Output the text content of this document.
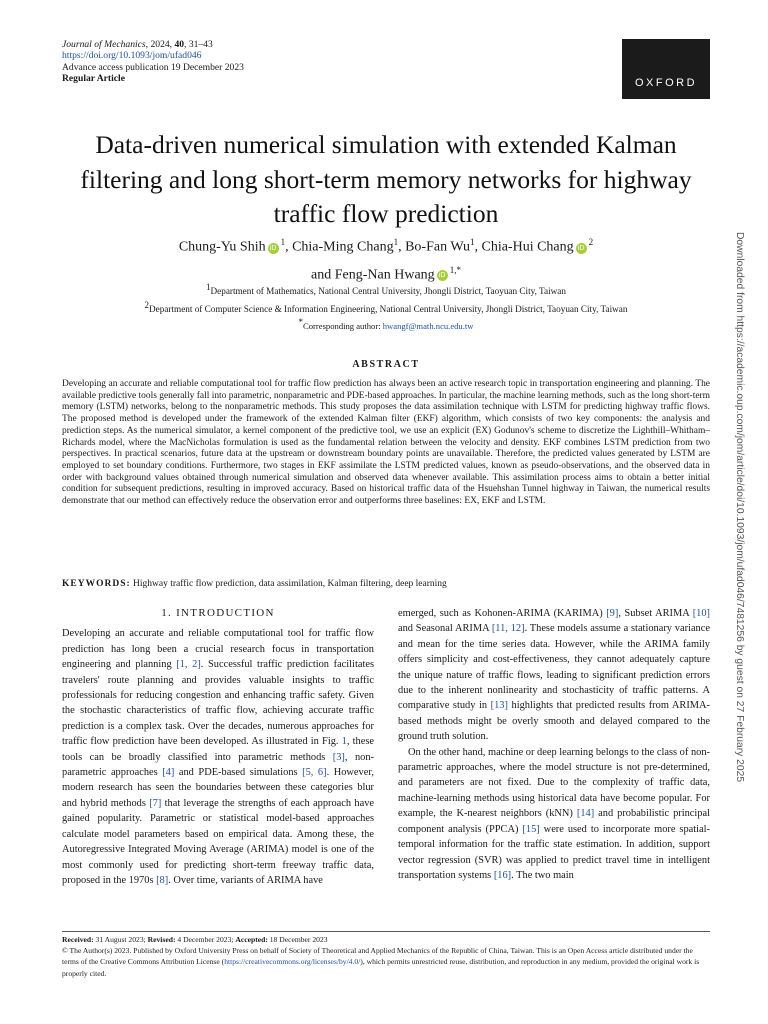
Journal of Mechanics, 2024, 40, 31–43
https://doi.org/10.1093/jom/ufad046
Advance access publication 19 December 2023
Regular Article	OXFORD
Data-driven numerical simulation with extended Kalman filtering and long short-term memory networks for highway traffic flow prediction
Chung-Yu Shih $iD^1$, Chia-Ming Chang$^1$, Bo-Fan Wu$^1$, Chia-Hui Chang $iD^2$
and Feng-Nan Hwang $iD^{1,*}$
$^1$Department of Mathematics, National Central University, Jhongli District, Taoyuan City, Taiwan
$^2$Department of Computer Science & Information Engineering, National Central University, Jhongli District, Taoyuan City, Taiwan
*Corresponding author: hwangf@math.ncu.edu.tw
ABSTRACT
Developing an accurate and reliable computational tool for traffic flow prediction has always been an active research topic in transportation engineering and planning. The available predictive tools generally fall into parametric, nonparametric and PDE-based approaches. In particular, the machine learning methods, such as the long short-term memory (LSTM) networks, belong to the nonparametric methods. This study proposes the data assimilation technique with LSTM for predicting highway traffic flows. The proposed method is developed under the framework of the extended Kalman filter (EKF) algorithm, which consists of two key components: the analysis and prediction steps. As the numerical simulator, a kernel component of the predictive tool, we use an explicit (EX) Godunov's scheme to discretize the Lighthill–Whitham–Richards model, where the MacNicholas formulation is used as the fundamental relation between the velocity and density. EKF combines LSTM prediction from two perspectives. In practical scenarios, future data at the upstream or downstream boundary points are unavailable. Therefore, the predicted values generated by LSTM are employed to set boundary conditions. Furthermore, two stages in EKF assimilate the LSTM predicted values, known as pseudo-observations, and the observed data in order with background values obtained through numerical simulation and observed data whenever available. This assimilation process aims to obtain a better initial condition for subsequent predictions, resulting in improved accuracy. Based on historical traffic data of the Hsuehshan Tunnel highway in Taiwan, the numerical results demonstrate that our method can effectively reduce the observation error and outperforms three baselines: EX, EKF and LSTM.
KEYWORDS: Highway traffic flow prediction, data assimilation, Kalman filtering, deep learning
1. INTRODUCTION

Developing an accurate and reliable computational tool for traffic flow prediction has long been a crucial research focus in transportation engineering and planning [1, 2]. Successful traffic prediction facilitates travelers' route planning and provides valuable insights to traffic professionals for reducing congestion and enhancing traffic safety. Given the stochastic characteristics of traffic flow, achieving accurate traffic prediction is a complex task. Over the decades, numerous approaches for traffic flow prediction have been developed. As illustrated in Fig. 1, these tools can be broadly classified into parametric methods [3], non-parametric approaches [4] and PDE-based simulations [5, 6]. However, modern research has seen the boundaries between these categories blur and hybrid methods [7] that leverage the strengths of each approach have gained popularity. Parametric or statistical model-based approaches calculate model parameters based on empirical data. Among these, the Autoregressive Integrated Moving Average (ARIMA) model is one of the most commonly used for predicting short-term freeway traffic data, proposed in the 1970s [8]. Over time, variants of ARIMA have

emerged, such as Kohonen-ARIMA (KARIMA) [9], Subset ARIMA [10] and Seasonal ARIMA [11, 12]. These models assume a stationary variance and mean for the time series data. However, while the ARIMA family offers simplicity and cost-effectiveness, they cannot adequately capture the unique nature of traffic flows, leading to significant prediction errors due to the inherent nonlinearity and stochasticity of traffic patterns. A comparative study in [13] highlights that predicted results from ARIMA-based methods might be overly smooth and delayed compared to the ground truth solution.

On the other hand, machine or deep learning belongs to the class of non-parametric approaches, where the model structure is not pre-determined, and parameters are not fixed. Due to the complexity of traffic data, machine-learning methods using historical data have become popular. For example, the K-nearest neighbors (kNN) [14] and probabilistic principal component analysis (PPCA) [15] were used to incorporate more spatial-temporal information for the traffic state estimation. In addition, support vector regression (SVR) was applied to predict travel time in intelligent transportation systems [16]. The two main

Received: 31 August 2023; Revised: 4 December 2023; Accepted: 18 December 2023
© The Author(s) 2023. Published by Oxford University Press on behalf of Society of Theoretical and Applied Mechanics of the Republic of China, Taiwan. This is an Open Access article distributed under the terms of the Creative Commons Attribution License (https://creativecommons.org/licenses/by/4.0/), which permits unrestricted reuse, distribution, and reproduction in any medium, provided the original work is properly cited.
Downloaded from https://academic.oup.com/jom/article/doi/10.1093/jom/ufad046/7481256 by guest on 27 February 2025
